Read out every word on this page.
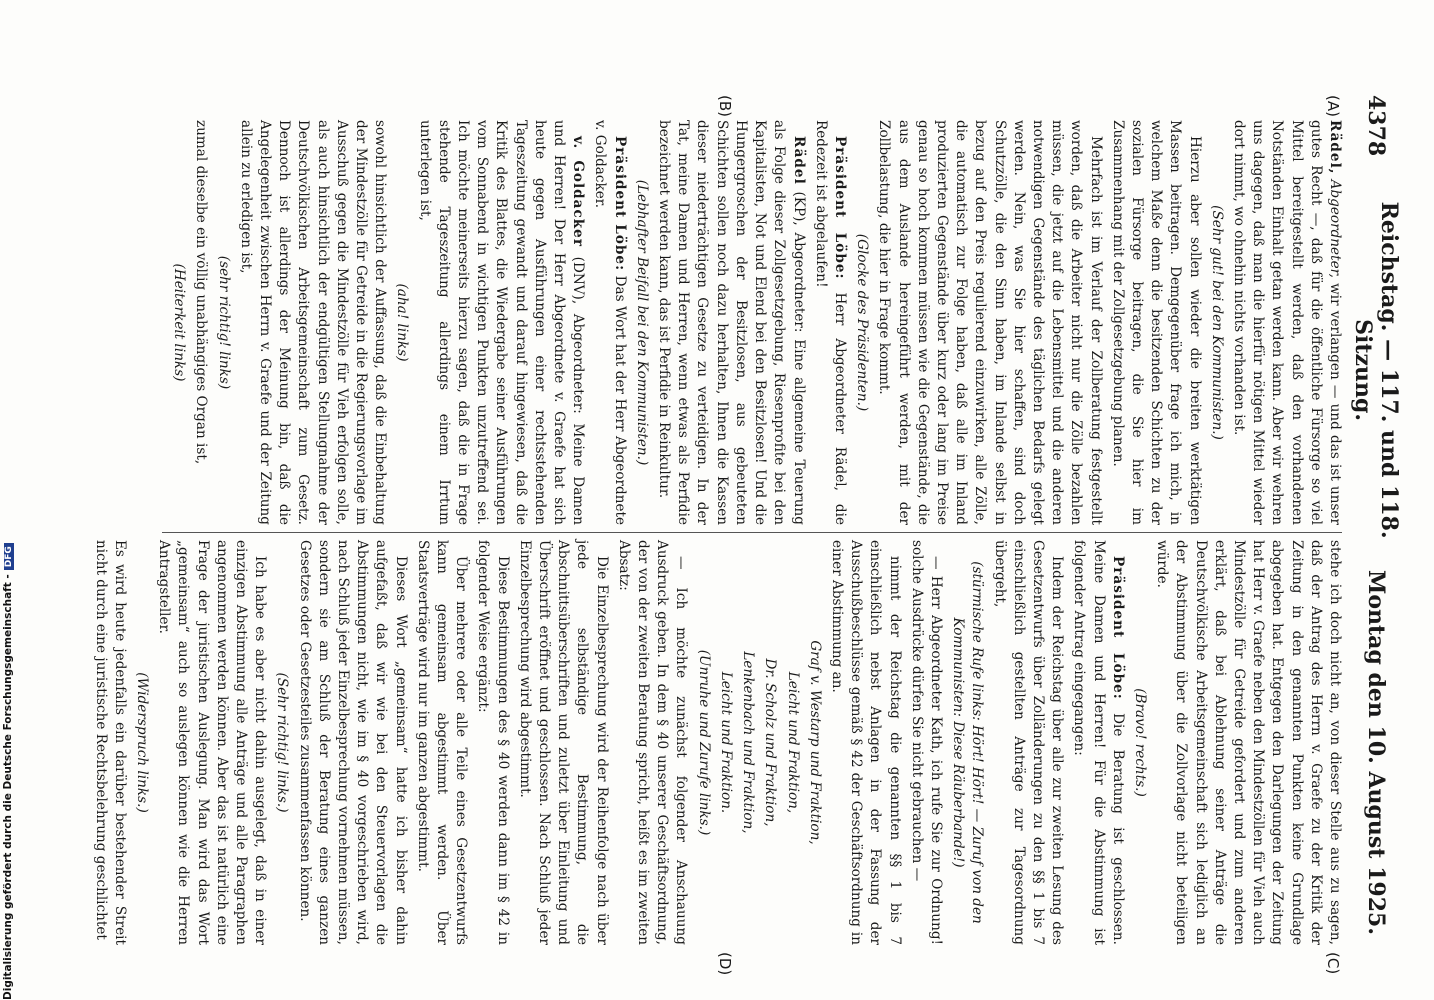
4378
Reichstag. — 117. und 118. Sitzung.
Montag den 10. August 1925.
(A)
(B)
(C)
(D)

Rädel, Abgeordneter, wir verlangen — und das ist unser gutes Recht —, daß für die öffentliche Fürsorge so viel Mittel bereitgestellt werden, daß den vorhandenen Notständen Einhalt getan werden kann. Aber wir wehren uns dagegen, daß man die hierfür nötigen Mittel wieder dort nimmt, wo ohnehin nichts vorhanden ist.

(Sehr gut! bei den Kommunisten.)

Hierzu aber sollen wieder die breiten werktätigen Massen beitragen. Demgegenüber frage ich mich, in welchem Maße denn die besitzenden Schichten zu der sozialen Fürsorge beitragen, die Sie hier im Zusammenhang mit der Zollgesetzgebung planen.

Mehrfach ist im Verlauf der Zollberatung festgestellt worden, daß die Arbeiter nicht nur die Zölle bezahlen müssen, die jetzt auf die Lebensmittel und die anderen notwendigen Gegenstände des täglichen Bedarfs gelegt werden. Nein, was Sie hier schaffen, sind doch Schutzzölle, die den Sinn haben, im Inlande selbst in bezug auf den Preis regulierend einzuwirken, alle Zölle, die automatisch zur Folge haben, daß alle im Inland produzierten Gegenstände über kurz oder lang im Preise genau so hoch kommen müssen wie die Gegenstände, die aus dem Auslande hereingeführt werden, mit der Zollbelastung, die hier in Frage kommt.

(Glocke des Präsidenten.)

Präsident Löbe: Herr Abgeordneter Rädel, die Redezeit ist abgelaufen!

Rädel (KP), Abgeordneter: Eine allgemeine Teuerung als Folge dieser Zollgesetzgebung, Riesenprofite bei den Kapitalisten, Not und Elend bei den Besitzlosen! Und die Hungergroschen der Besitzlosen, aus gebeuteten Schichten sollen noch dazu herhalten, Ihnen die Kassen dieser niederträchtigen Gesetze zu verteidigen. In der Tat, meine Damen und Herren, wenn etwas als Perfidie bezeichnet werden kann, das ist Perfidie in Reinkultur.

(Lebhafter Beifall bei den Kommunisten.)

Präsident Löbe: Das Wort hat der Herr Abgeordnete v. Goldacker.

v. Goldacker (DNV), Abgeordneter: Meine Damen und Herren! Der Herr Abgeordnete v. Graefe hat sich heute gegen Ausführungen einer rechtsstehenden Tageszeitung gewandt und darauf hingewiesen, daß die Kritik des Blattes, die Wiedergabe seiner Ausführungen vom Sonnabend in wichtigen Punkten unzutreffend sei. Ich möchte meinerseits hierzu sagen, daß die in Frage stehende Tageszeitung allerdings einem Irrtum unterlegen ist,

(aha! links)

sowohl hinsichtlich der Auffassung, daß die Einbehaltung der Mindestzölle für Getreide in die Regierungsvorlage im Ausschuß gegen die Mindestzölle für Vieh erfolgen solle, als auch hinsichtlich der endgültigen Stellungnahme der Deutschvölkischen Arbeitsgemeinschaft zum Gesetz. Dennoch ist allerdings der Meinung bin, daß die Angelegenheit zwischen Herrn v. Graefe und der Zeitung allein zu erledigen ist,

(sehr richtig! links)

zumal dieselbe ein völlig unabhängiges Organ ist,

(Heiterkeit links)

stehe ich doch nicht an, von dieser Stelle aus zu sagen, daß der Antrag des Herrn v. Graefe zu der Kritik der Zeitung in den genannten Punkten keine Grundlage abgegeben hat. Entgegen den Darlegungen der Zeitung hat Herr v. Graefe neben den Mindestzöllen für Vieh auch Mindestzölle für Getreide gefordert und zum anderen erklärt, daß bei Ablehnung seiner Anträge die Deutschvölkische Arbeitsgemeinschaft sich lediglich an der Abstimmung über die Zollvorlage nicht beteiligen würde.

(Bravo! rechts.)

Präsident Löbe: Die Beratung ist geschlossen. Meine Damen und Herren! Für die Abstimmung ist folgender Antrag eingegangen:

Indem der Reichstag über alle zur zweiten Lesung des Gesetzentwurfs über Zolländerungen zu den §§ 1 bis 7 einschließlich gestellten Anträge zur Tagesordnung übergeht,

(stürmische Rufe links: Hört! Hört! — Zuruf von den Kommunisten: Diese Räuberbande!)

— Herr Abgeordneter Kath, ich rufe Sie zur Ordnung! solche Ausdrücke dürfen Sie nicht gebrauchen —

nimmt der Reichstag die genannten §§ 1 bis 7 einschließlich nebst Anlagen in der Fassung der Ausschußbeschlüsse gemäß § 42 der Geschäftsordnung in einer Abstimmung an.

Graf v. Westarp und Fraktion,

Leicht und Fraktion,

Dr. Scholz und Fraktion,

Lenkenbach und Fraktion,

Leicht und Fraktion.

(Unruhe und Zurufe links.)

— Ich möchte zunächst folgender Anschauung Ausdruck geben. In dem § 40 unserer Geschäftsordnung, der von der zweiten Beratung spricht, heißt es im zweiten Absatz:

Die Einzelbesprechung wird der Reihenfolge nach über jede selbständige Bestimmung, die Abschnittsüberschriften und zuletzt über Einleitung und Überschrift eröffnet und geschlossen. Nach Schluß jeder Einzelbesprechung wird abgestimmt.

Diese Bestimmungen des § 40 werden dann im § 42 in folgender Weise ergänzt:

Über mehrere oder alle Teile eines Gesetzentwurfs kann gemeinsam abgestimmt werden. Über Staatsverträge wird nur im ganzen abgestimmt.

Dieses Wort „gemeinsam“ hatte ich bisher dahin aufgefaßt, daß wir wie bei den Steuervorlagen die Abstimmungen nicht, wie im § 40 vorgeschrieben wird, nach Schluß jeder Einzelbesprechung vornehmen müssen, sondern sie am Schluß der Beratung eines ganzen Gesetzes oder Gesetzesteiles zusammenfassen können.

(Sehr richtig! links.)

Ich habe es aber nicht dahin ausgelegt, daß in einer einzigen Abstimmung alle Anträge und alle Paragraphen angenommen werden können. Aber das ist natürlich eine Frage der juristischen Auslegung. Man wird das Wort „gemeinsam“ auch so auslegen können wie die Herren Antragsteller.

(Widerspruch links.)

Es wird heute jedenfalls ein darüber bestehender Streit nicht durch eine juristische Rechtsbelehrung geschlichtet

Digitalisierung gefördert durch die Deutsche Forschungsgemeinschaft -DFG
